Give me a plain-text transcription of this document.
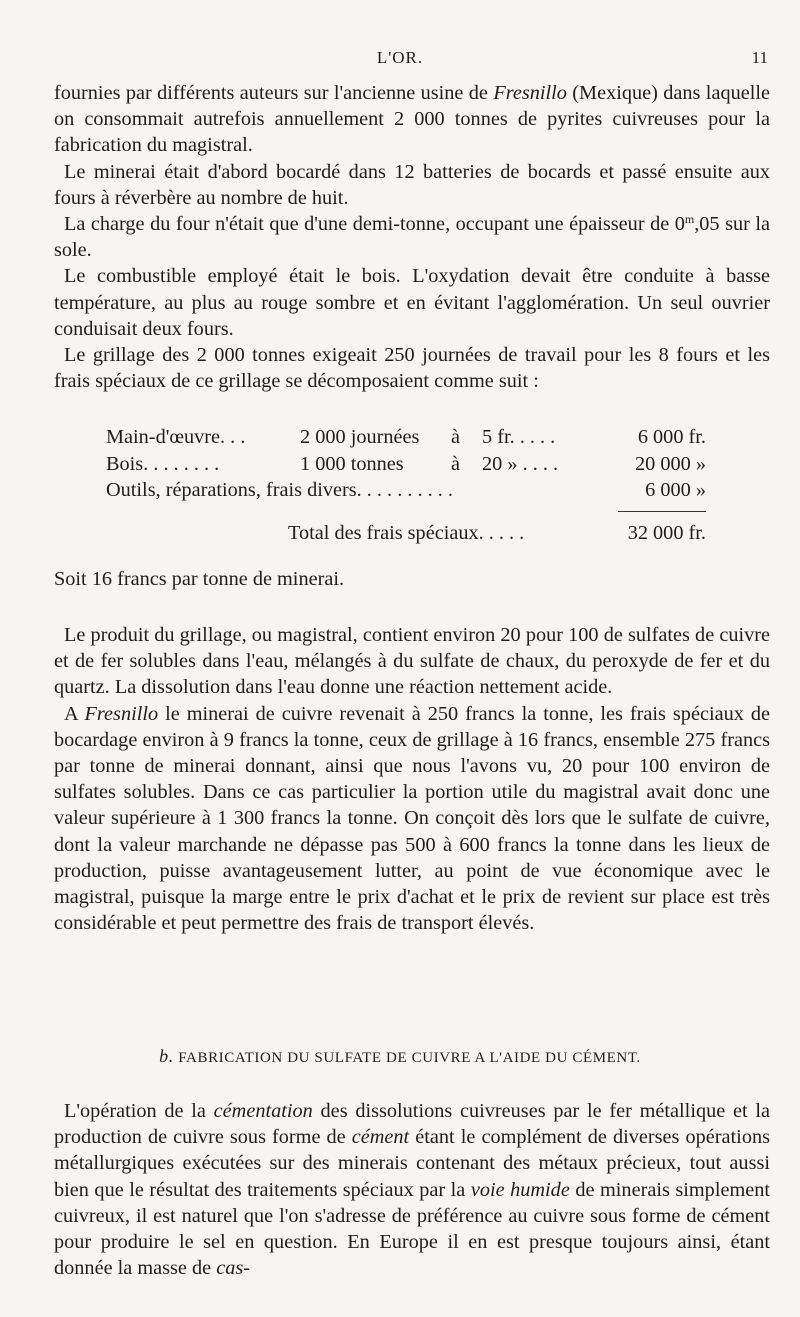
L'OR.	11

fournies par différents auteurs sur l'ancienne usine de Fresnillo (Mexique) dans laquelle on consommait autrefois annuellement 2 000 tonnes de pyrites cuivreuses pour la fabrication du magistral.

Le minerai était d'abord bocardé dans 12 batteries de bocards et passé ensuite aux fours à réverbère au nombre de huit.

La charge du four n'était que d'une demi-tonne, occupant une épaisseur de 0$^m$,05 sur la sole.

Le combustible employé était le bois. L'oxydation devait être conduite à basse température, au plus au rouge sombre et en évitant l'agglomération. Un seul ouvrier conduisait deux fours.

Le grillage des 2 000 tonnes exigeait 250 journées de travail pour les 8 fours et les frais spéciaux de ce grillage se décomposaient comme suit :

Main-d'œuvre. . .	2 000 journées à 5 fr. . . . .	6 000 fr.
Bois. . . . . . . .	1 000 tonnes à 20 » . . . .	20 000 »
Outils, réparations, frais divers. . . . . . . . . .	6 000 »
Total des frais spéciaux. . . . .	32 000 fr.
Soit 16 francs par tonne de minerai.

Le produit du grillage, ou magistral, contient environ 20 pour 100 de sulfates de cuivre et de fer solubles dans l'eau, mélangés à du sulfate de chaux, du peroxyde de fer et du quartz. La dissolution dans l'eau donne une réaction nettement acide.

A Fresnillo le minerai de cuivre revenait à 250 francs la tonne, les frais spéciaux de bocardage environ à 9 francs la tonne, ceux de grillage à 16 francs, ensemble 275 francs par tonne de minerai donnant, ainsi que nous l'avons vu, 20 pour 100 environ de sulfates solubles. Dans ce cas particulier la portion utile du magistral avait donc une valeur supérieure à 1 300 francs la tonne. On conçoit dès lors que le sulfate de cuivre, dont la valeur marchande ne dépasse pas 500 à 600 francs la tonne dans les lieux de production, puisse avantageusement lutter, au point de vue économique avec le magistral, puisque la marge entre le prix d'achat et le prix de revient sur place est très considérable et peut permettre des frais de transport élevés.

b. FABRICATION DU SULFATE DE CUIVRE A L'AIDE DU CÉMENT.

L'opération de la cémentation des dissolutions cuivreuses par le fer métallique et la production de cuivre sous forme de cément étant le complément de diverses opérations métallurgiques exécutées sur des minerais contenant des métaux précieux, tout aussi bien que le résultat des traitements spéciaux par la voie humide de minerais simplement cuivreux, il est naturel que l'on s'adresse de préférence au cuivre sous forme de cément pour produire le sel en question. En Europe il en est presque toujours ainsi, étant donnée la masse de cas-
